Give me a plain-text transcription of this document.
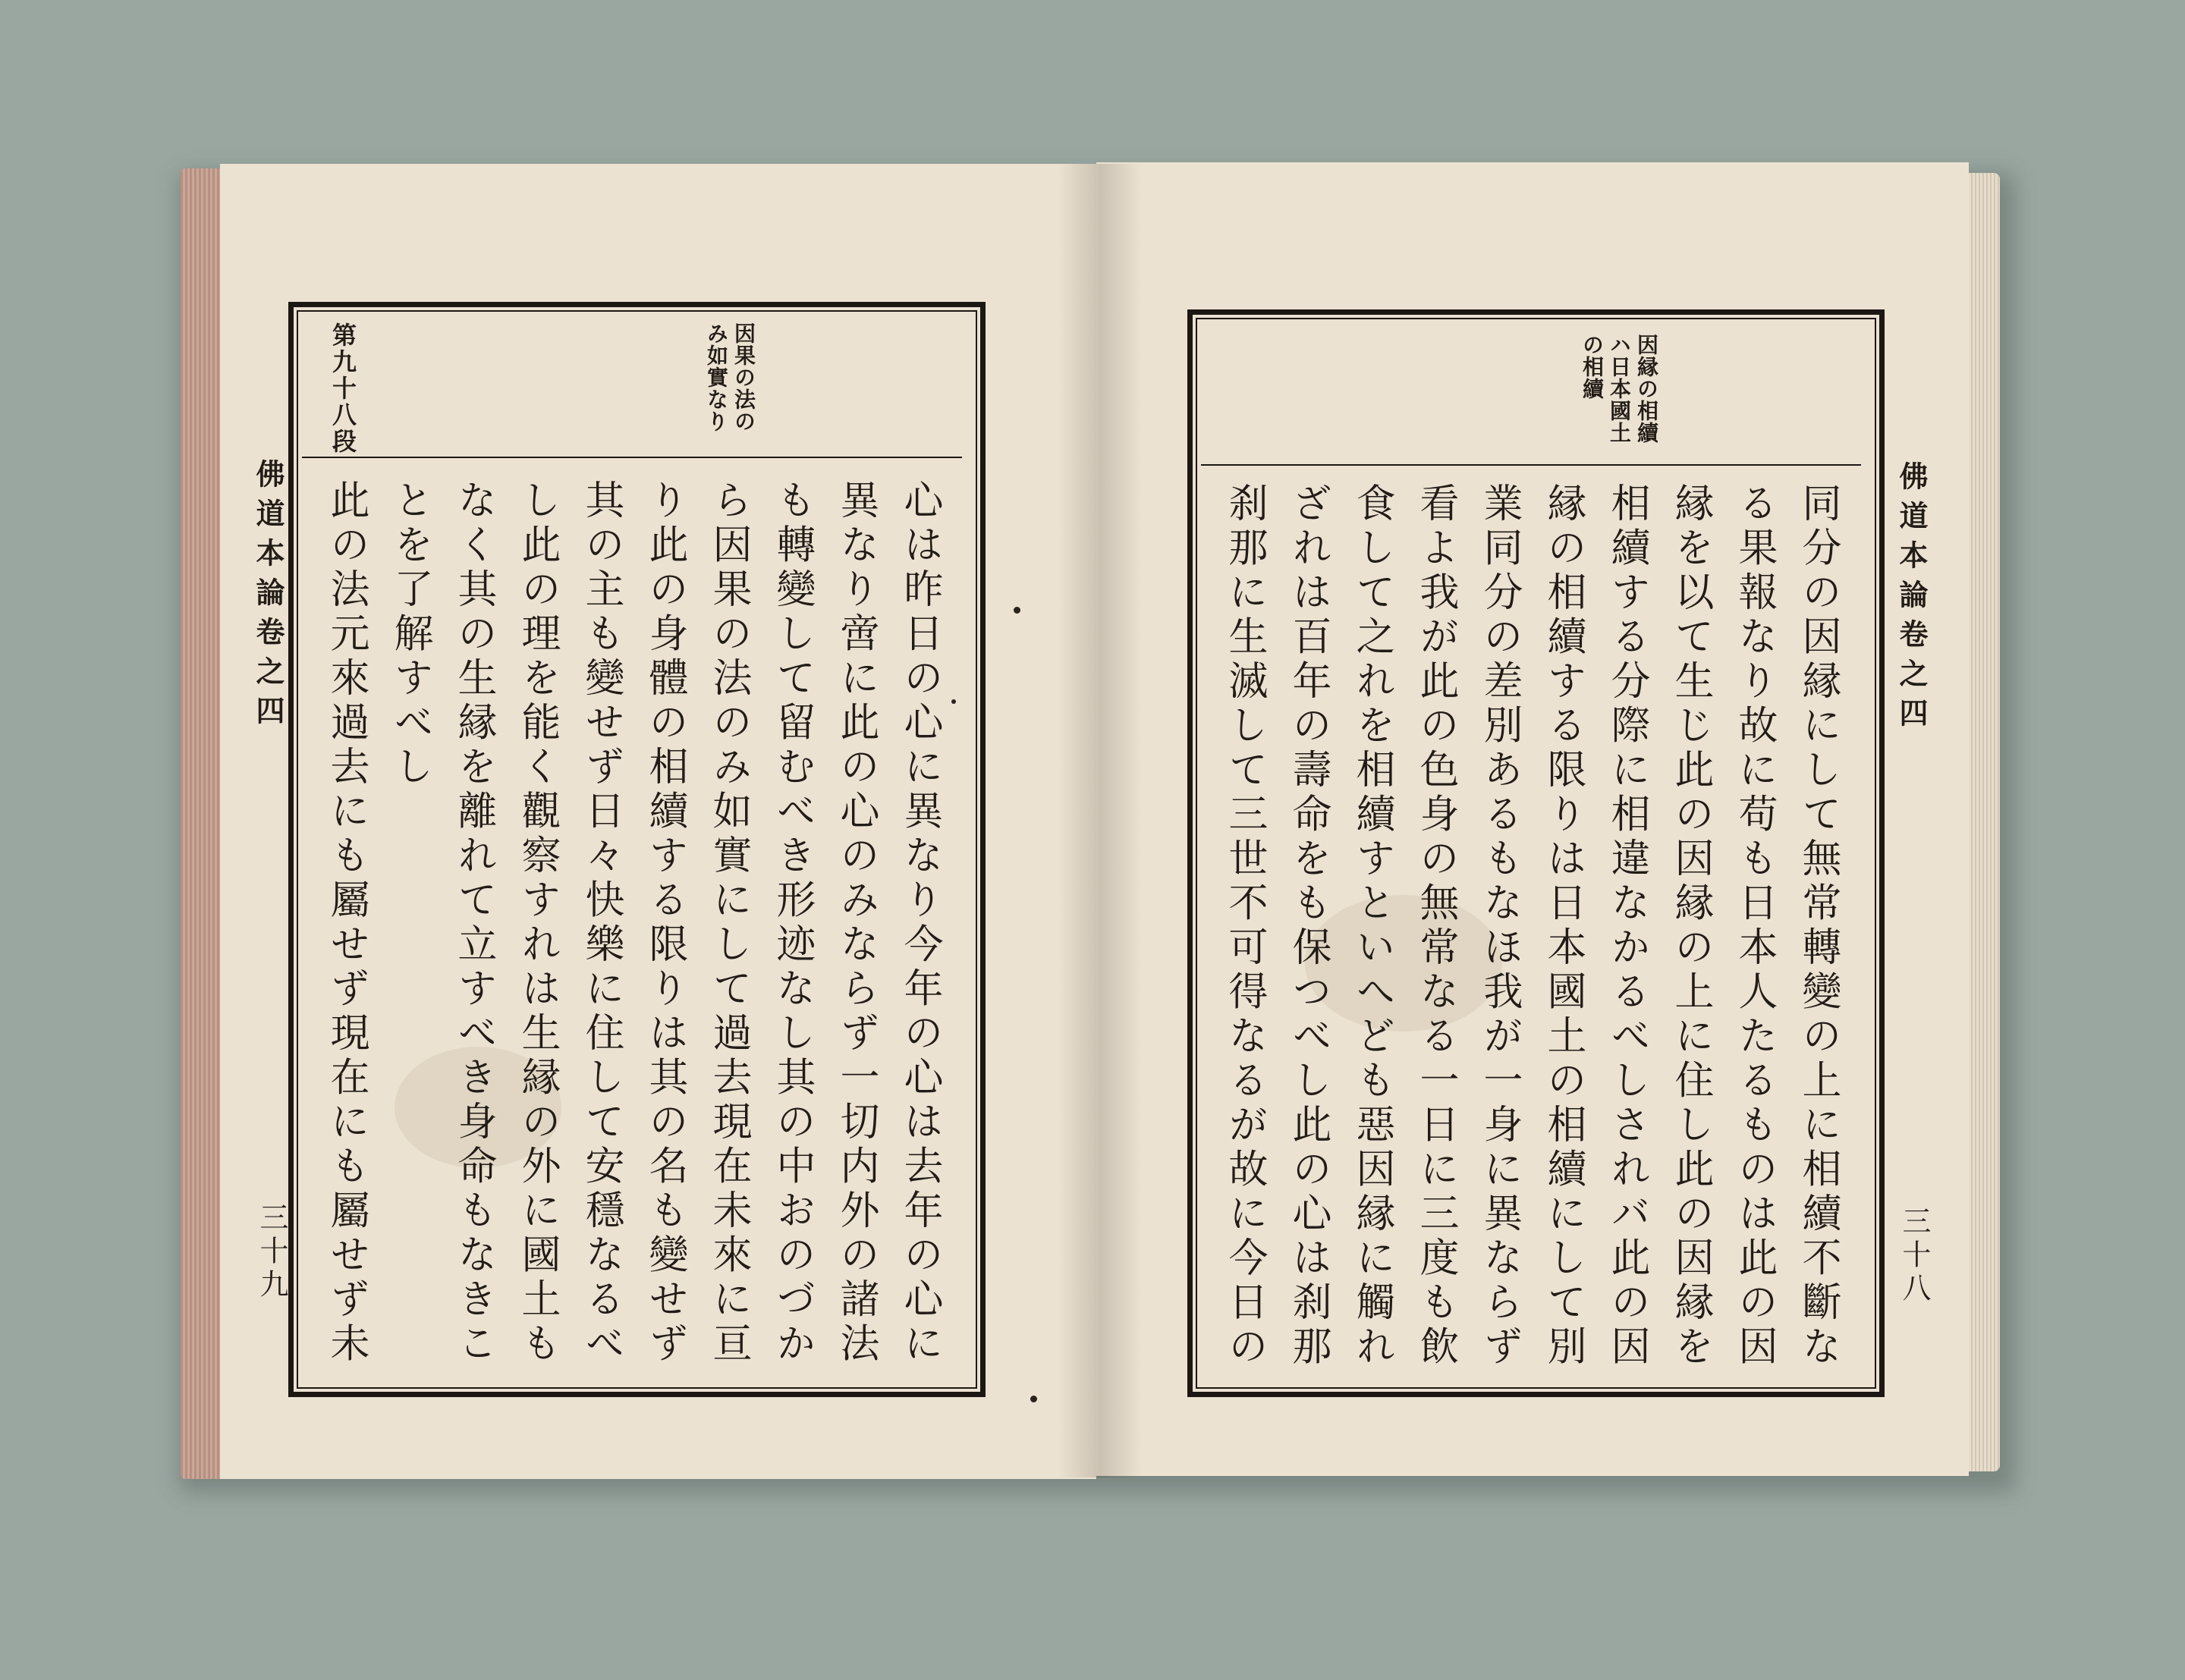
佛道本論卷之四
三十九
第九十八段	因果の法のみ如實なり
心は昨日の心に異なり今年の心は去年の心に
異なり啻に此の心のみならず一切内外の諸法
も轉變して留むべき形迹なし其の中おのづか
ら因果の法のみ如實にして過去現在未來に亘
り此の身體の相續する限りは其の名も變せず
其の主も變せず日々快樂に住して安穩なるべ
し此の理を能く觀察すれは生縁の外に國土も
なく其の生縁を離れて立すべき身命もなきこ
とを了解すべし
此の法元來過去にも屬せず現在にも屬せず未	佛道本論卷之四
三十八
因縁の相續ハ日本國土の相續
同分の因縁にして無常轉變の上に相續不斷な
る果報なり故に苟も日本人たるものは此の因
縁を以て生じ此の因縁の上に住し此の因縁を
相續する分際に相違なかるべしされバ此の因
縁の相續する限りは日本國土の相續にして別
業同分の差別あるもなほ我が一身に異ならず
看よ我が此の色身の無常なる一日に三度も飲
食して之れを相續すといへども惡因縁に觸れ
ざれは百年の壽命をも保つべし此の心は刹那
刹那に生滅して三世不可得なるが故に今日の
